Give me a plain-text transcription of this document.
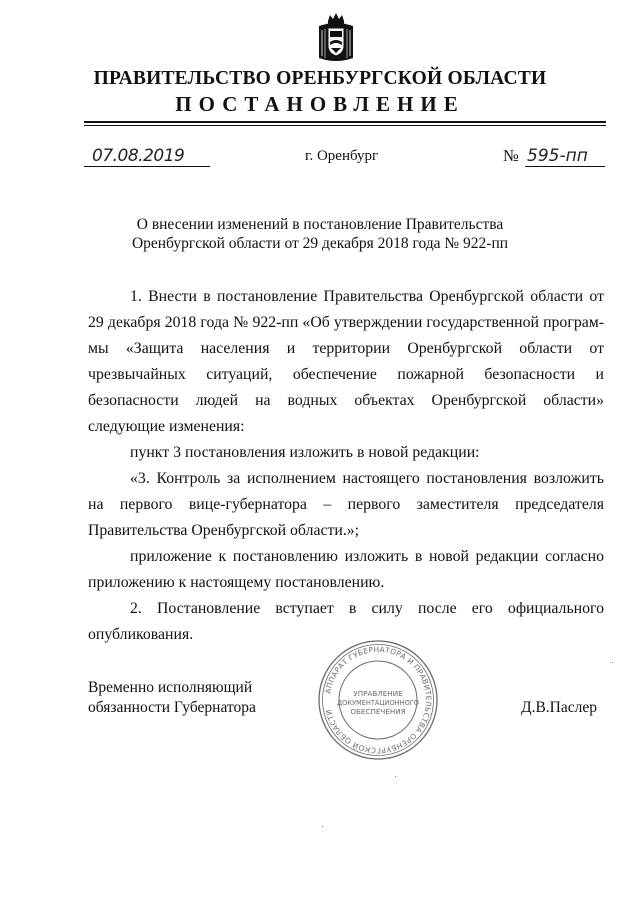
ПРАВИТЕЛЬСТВО ОРЕНБУРГСКОЙ ОБЛАСТИ
ПОСТАНОВЛЕНИЕ
07.08.2019	г. Оренбург	№ 595-пп

О внесении изменений в постановление Правительства

Оренбургской области от 29 декабря 2018 года № 922-пп

1. Внести в постановление Правительства Оренбургской области от 29 декабря 2018 года № 922-пп «Об утверждении государственной программы «Защита населения и территории Оренбургской области от чрезвычайных ситуаций, обеспечение пожарной безопасности и безопасности людей на водных объектах Оренбургской области» следующие изменения:

пункт 3 постановления изложить в новой редакции:

«3. Контроль за исполнением настоящего постановления возложить на первого вице-губернатора – первого заместителя председателя Правительства Оренбургской области.»;

приложение к постановлению изложить в новой редакции согласно приложению к настоящему постановлению.

2. Постановление вступает в силу после его официального опубликования.

АППАРАТ ГУБЕРНАТОРА И ПРАВИТЕЛЬСТВА ОРЕНБУРГСКОЙ ОБЛАСТИ
УПРАВЛЕНИЕ
ДОКУМЕНТАЦИОННОГО
ОБЕСПЕЧЕНИЯ
Временно исполняющий
обязанности Губернатора	Д.В.Паслер
